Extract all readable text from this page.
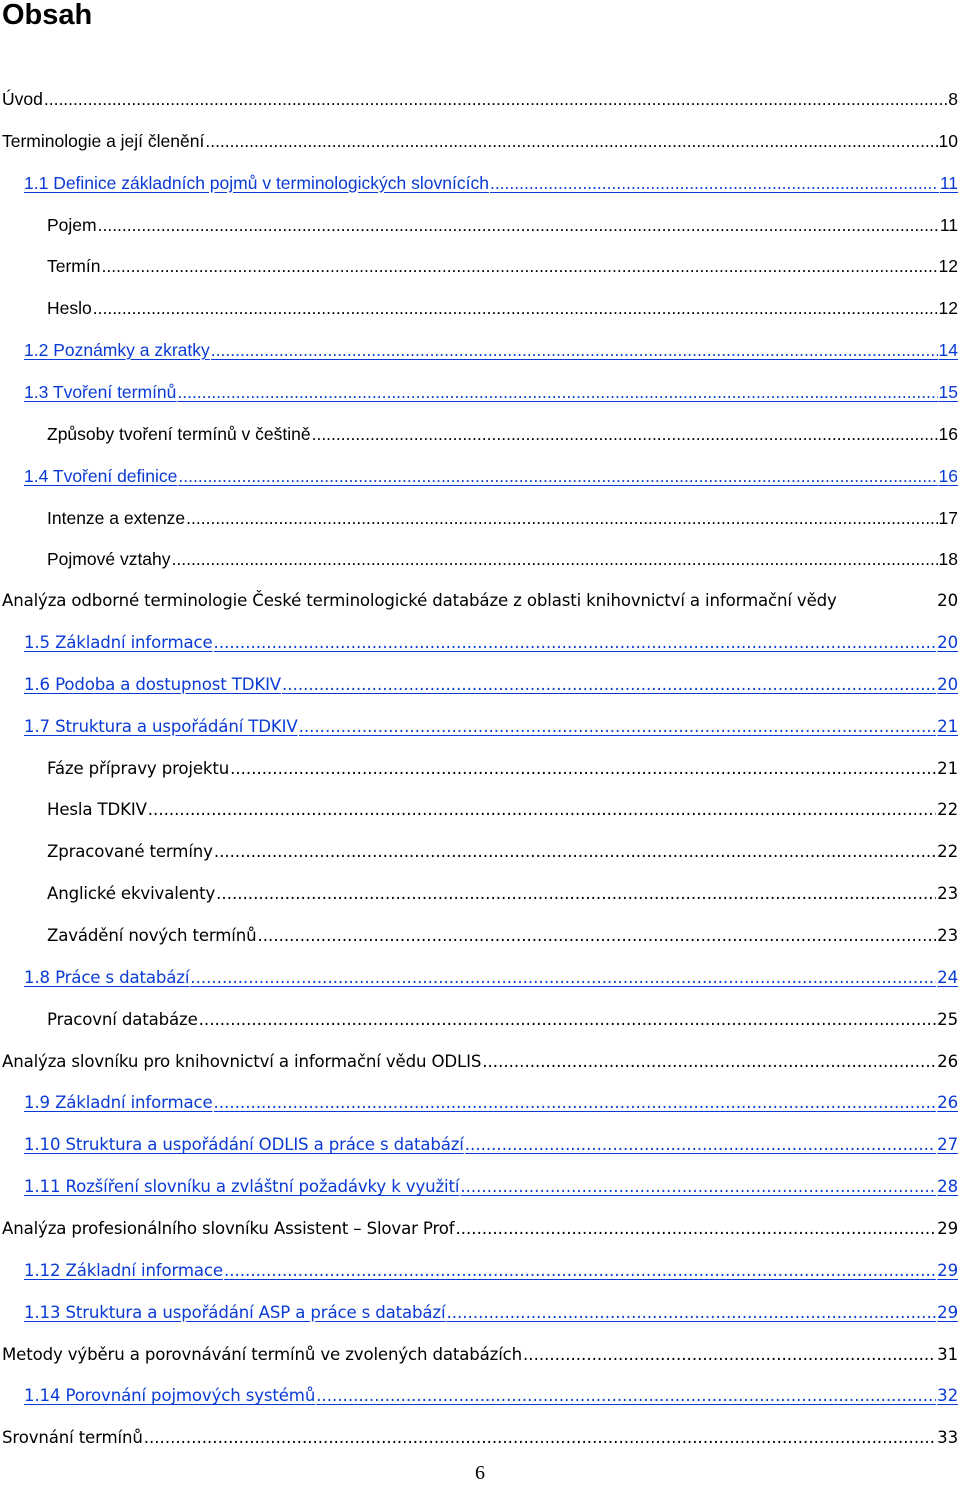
Obsah
Úvod .....	8
Terminologie a její členění .....	10
1.1 Definice základních pojmů v terminologických slovnících .....	11
Pojem .....	11
Termín .....	12
Heslo .....	12
1.2 Poznámky a zkratky .....	14
1.3 Tvoření termínů .....	15
Způsoby tvoření termínů v češtině .....	16
1.4 Tvoření definice .....	16
Intenze a extenze .....	17
Pojmové vztahy .....	18
Analýza odborné terminologie České terminologické databáze z oblasti knihovnictví a informační vědy	20
1.5 Základní informace .....	20
1.6 Podoba a dostupnost TDKIV .....	20
1.7 Struktura a uspořádání TDKIV .....	21
Fáze přípravy projektu .....	21
Hesla TDKIV .....	22
Zpracované termíny .....	22
Anglické ekvivalenty .....	23
Zavádění nových termínů .....	23
1.8 Práce s databází .....	24
Pracovní databáze .....	25
Analýza slovníku pro knihovnictví a informační vědu ODLIS .....	26
1.9 Základní informace .....	26
1.10 Struktura a uspořádání ODLIS a práce s databází .....	27
1.11 Rozšíření slovníku a zvláštní požadávky k využití .....	28
Analýza profesionálního slovníku Assistent – Slovar Prof .....	29
1.12 Základní informace .....	29
1.13 Struktura a uspořádání ASP a práce s databází .....	29
Metody výběru a porovnávání termínů ve zvolených databázích .....	31
1.14 Porovnání pojmových systémů .....	32
Srovnání termínů .....	33
6
